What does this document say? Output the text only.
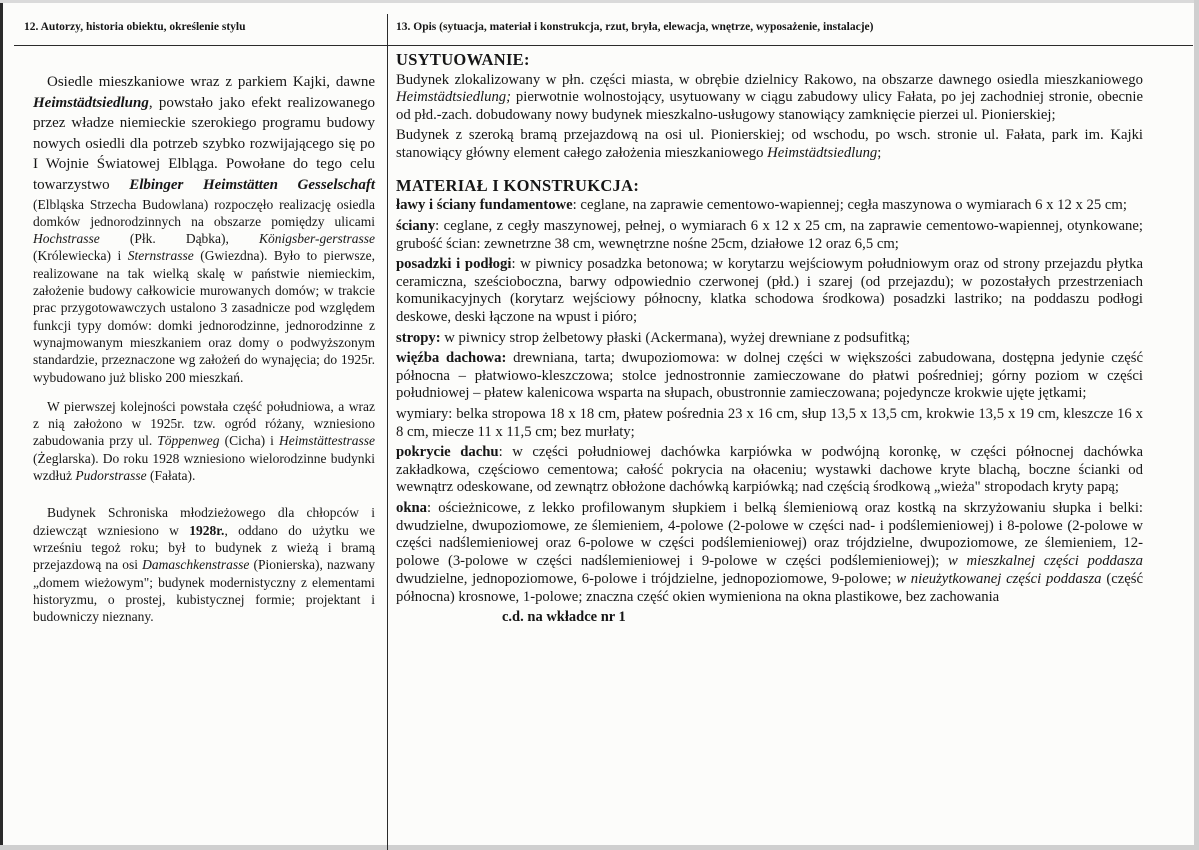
12. Autorzy, historia obiektu, określenie stylu	13. Opis (sytuacja, materiał i konstrukcja, rzut, bryła, elewacja, wnętrze, wyposażenie, instalacje)

Osiedle mieszkaniowe wraz z parkiem Kajki, dawne Heimstädtsiedlung, powstało jako efekt realizowanego przez władze niemieckie szerokiego programu budowy nowych osiedli dla potrzeb szybko rozwijającego się po I Wojnie Światowej Elbląga. Powołane do tego celu towarzystwo Elbinger Heimstätten Gesselschaft (Elbląska Strzecha Budowlana) rozpoczęło realizację osiedla domków jednorodzinnych na obszarze pomiędzy ulicami Hochstrasse (Płk. Dąbka), Königsber-gerstrasse (Królewiecka) i Sternstrasse (Gwiezdna). Było to pierwsze, realizowane na tak wielką skalę w państwie niemieckim, założenie budowy całkowicie murowanych domów; w trakcie prac przygotowawczych ustalono 3 zasadnicze pod względem funkcji typy domów: domki jednorodzinne, jednorodzinne z wynajmowanym mieszkaniem oraz domy o podwyższonym standardzie, przeznaczone wg założeń do wynajęcia; do 1925r. wybudowano już blisko 200 mieszkań.

W pierwszej kolejności powstała część południowa, a wraz z nią założono w 1925r. tzw. ogród różany, wzniesiono zabudowania przy ul. Töppenweg (Cicha) i Heimstättestrasse (Żeglarska). Do roku 1928 wzniesiono wielorodzinne budynki wzdłuż Pudorstrasse (Fałata).

Budynek Schroniska młodzieżowego dla chłopców i dziewcząt wzniesiono w 1928r., oddano do użytku we wrześniu tegoż roku; był to budynek z wieżą i bramą przejazdową na osi Damaschkenstrasse (Pionierska), nazwany „domem wieżowym"; budynek modernistyczny z elementami historyzmu, o prostej, kubistycznej formie; projektant i budowniczy nieznany.

USYTUOWANIE:

Budynek zlokalizowany w płn. części miasta, w obrębie dzielnicy Rakowo, na obszarze dawnego osiedla mieszkaniowego Heimstädtsiedlung; pierwotnie wolnostojący, usytuowany w ciągu zabudowy ulicy Fałata, po jej zachodniej stronie, obecnie od płd.-zach. dobudowany nowy budynek mieszkalno-usługowy stanowiący zamknięcie pierzei ul. Pionierskiej;

Budynek z szeroką bramą przejazdową na osi ul. Pionierskiej; od wschodu, po wsch. stronie ul. Fałata, park im. Kajki stanowiący główny element całego założenia mieszkaniowego Heimstädtsiedlung;

MATERIAŁ I KONSTRUKCJA:

ławy i ściany fundamentowe: ceglane, na zaprawie cementowo-wapiennej; cegła maszynowa o wymiarach 6 x 12 x 25 cm;

ściany: ceglane, z cegły maszynowej, pełnej, o wymiarach 6 x 12 x 25 cm, na zaprawie cementowo-wapiennej, otynkowane; grubość ścian: zewnetrzne 38 cm, wewnętrzne nośne 25cm, działowe 12 oraz 6,5 cm;

posadzki i podłogi: w piwnicy posadzka betonowa; w korytarzu wejściowym południowym oraz od strony przejazdu płytka ceramiczna, sześcioboczna, barwy odpowiednio czerwonej (płd.) i szarej (od przejazdu); w pozostałych przestrzeniach komunikacyjnych (korytarz wejściowy północny, klatka schodowa środkowa) posadzki lastriko; na poddaszu podłogi deskowe, deski łączone na wpust i pióro;

stropy: w piwnicy strop żelbetowy płaski (Ackermana), wyżej drewniane z podsufitką;

więźba dachowa: drewniana, tarta; dwupoziomowa: w dolnej części w większości zabudowana, dostępna jedynie część północna – płatwiowo-kleszczowa; stolce jednostronnie zamieczowane do płatwi pośredniej; górny poziom w części południowej – płatew kalenicowa wsparta na słupach, obustronnie zamieczowana; pojedyncze krokwie ujęte jętkami;

wymiary: belka stropowa 18 x 18 cm, płatew pośrednia 23 x 16 cm, słup 13,5 x 13,5 cm, krokwie 13,5 x 19 cm, kleszcze 16 x 8 cm, miecze 11 x 11,5 cm; bez murłaty;

pokrycie dachu: w części południowej dachówka karpiówka w podwójną koronkę, w części północnej dachówka zakładkowa, częściowo cementowa; całość pokrycia na ołaceniu; wystawki dachowe kryte blachą, boczne ścianki od wewnątrz odeskowane, od zewnątrz obłożone dachówką karpiówką; nad częścią środkową „wieża" stropodach kryty papą;

okna: ościeżnicowe, z lekko profilowanym słupkiem i belką ślemieniową oraz kostką na skrzyżowaniu słupka i belki: dwudzielne, dwupoziomowe, ze ślemieniem, 4-polowe (2-polowe w części nad- i podślemieniowej) i 8-polowe (2-polowe w części nadślemieniowej oraz 6-polowe w części podślemieniowej) oraz trójdzielne, dwupoziomowe, ze ślemieniem, 12-polowe (3-polowe w części nadślemieniowej i 9-polowe w części podślemieniowej); w mieszkalnej części poddasza dwudzielne, jednopoziomowe, 6-polowe i trójdzielne, jednopoziomowe, 9-polowe; w nieużytkowanej części poddasza (część północna) krosnowe, 1-polowe; znaczna część okien wymieniona na okna plastikowe, bez zachowania

c.d. na wkładce nr 1
